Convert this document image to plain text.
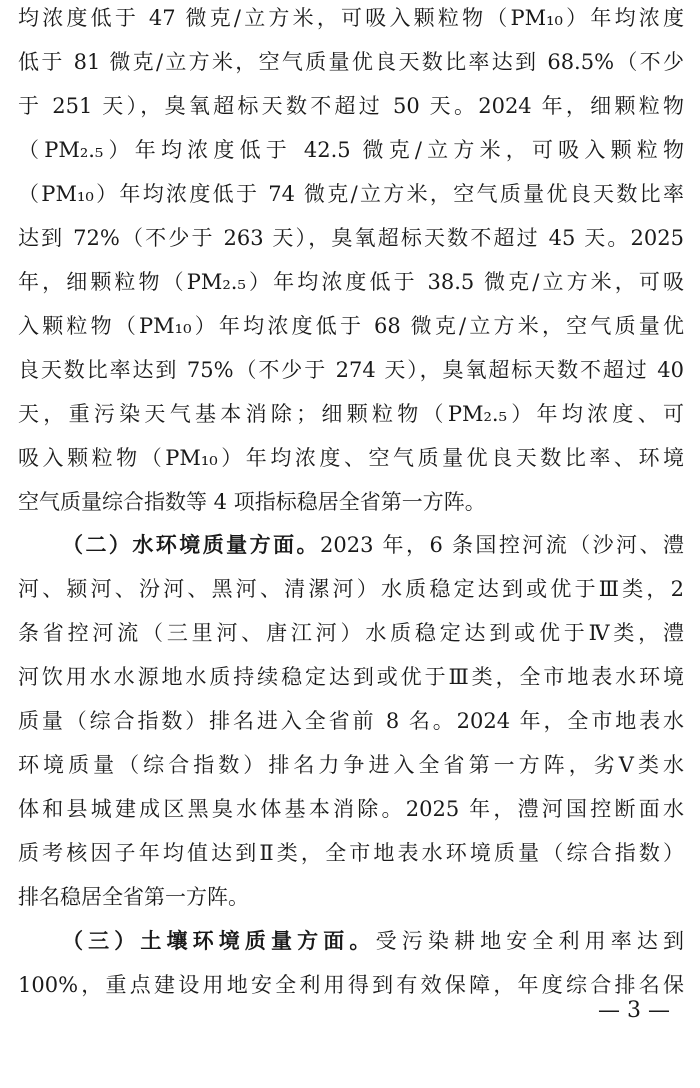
均浓度低于 47 微克/立方米，可吸入颗粒物（PM₁₀）年均浓度
低于 81 微克/立方米，空气质量优良天数比率达到 68.5%（不少
于 251 天），臭氧超标天数不超过 50 天。2024 年，细颗粒物
（PM₂.₅）年均浓度低于 42.5 微克/立方米，可吸入颗粒物
（PM₁₀）年均浓度低于 74 微克/立方米，空气质量优良天数比率
达到 72%（不少于 263 天），臭氧超标天数不超过 45 天。2025
年，细颗粒物（PM₂.₅）年均浓度低于 38.5 微克/立方米，可吸
入颗粒物（PM₁₀）年均浓度低于 68 微克/立方米，空气质量优
良天数比率达到 75%（不少于 274 天），臭氧超标天数不超过 40
天，重污染天气基本消除；细颗粒物（PM₂.₅）年均浓度、可
吸入颗粒物（PM₁₀）年均浓度、空气质量优良天数比率、环境
空气质量综合指数等 4 项指标稳居全省第一方阵。
（二）水环境质量方面。2023 年，6 条国控河流（沙河、澧
河、颍河、汾河、黑河、清漯河）水质稳定达到或优于Ⅲ类，2
条省控河流（三里河、唐江河）水质稳定达到或优于Ⅳ类，澧
河饮用水水源地水质持续稳定达到或优于Ⅲ类，全市地表水环境
质量（综合指数）排名进入全省前 8 名。2024 年，全市地表水
环境质量（综合指数）排名力争进入全省第一方阵，劣Ⅴ类水
体和县城建成区黑臭水体基本消除。2025 年，澧河国控断面水
质考核因子年均值达到Ⅱ类，全市地表水环境质量（综合指数）
排名稳居全省第一方阵。
（三）土壤环境质量方面。受污染耕地安全利用率达到
100%，重点建设用地安全利用得到有效保障，年度综合排名保
— 3 —
